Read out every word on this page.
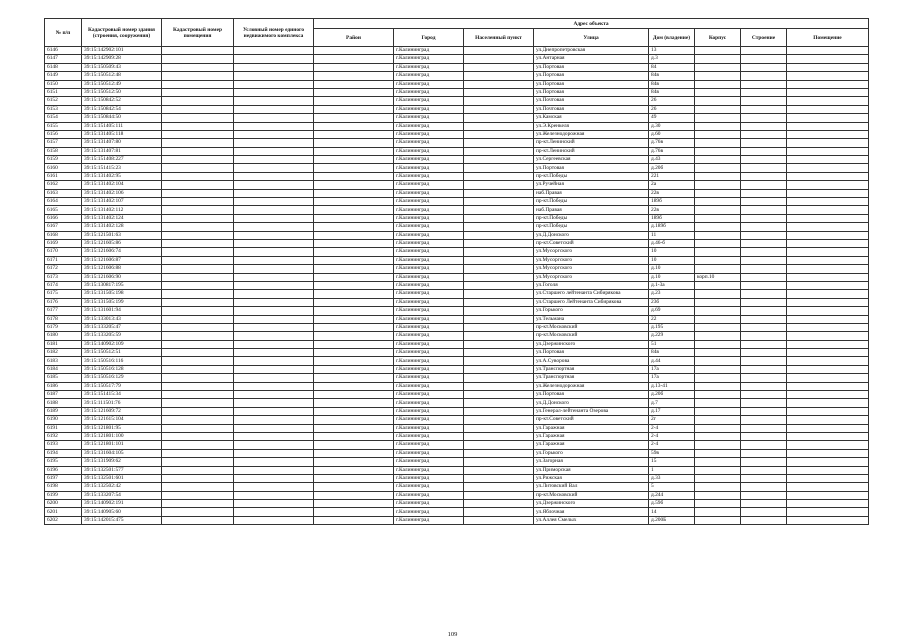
№ п/п	Кадастровый номер здания (строения, сооружения)	Кадастровый номер помещения	Условный номер единого недвижимого комплекса	Адрес объекта							
				Район	Город	Населенный пункт	Улица	Дом (владение)	Корпус	Строение	Помещение
6146	39:15:142902:101				г.Калининград		ул.Днепропетровская	13			
6147	39:15:142909:28				г.Калининград		ул.Антарная	д.3			
6148	39:15:150509:43				г.Калининград		ул.Портовая	84			
6149	39:15:150512:48				г.Калининград		ул.Портовая	84в			
6150	39:15:150512:49				г.Калининград		ул.Портовая	84в			
6151	39:15:150512:50				г.Калининград		ул.Портовая	84в			
6152	39:15:150842:52				г.Калининград		ул.Почтовая	26			
6153	39:15:150842:54				г.Калининград		ул.Почтовая	26			
6154	39:15:150844:50				г.Калининград		ул.Камская	49			
6155	39:15:151405:111				г.Калининград		ул.Э.Кренкеля	д.30			
6156	39:15:131405:118				г.Калининград		ул.Железнодорожная	д.60			
6157	39:15:131407:80				г.Калининград		пр-кт.Ленинский	д.76в			
6158	39:15:131407:81				г.Калининград		пр-кт.Ленинский	д.76в			
6159	39:15:151408:227				г.Калининград		ул.Сергеевская	д.43			
6160	39:15:151415:23				г.Калининград		ул.Портовая	д.20б			
6161	39:15:131402:95				г.Калининград		пр-кт.Победы	221			
6162	39:15:131402:104				г.Калининград		ул.Ручейная	2а			
6163	39:15:131402:106				г.Калининград		наб.Правая	22в			
6164	39:15:131402:107				г.Калининград		пр-кт.Победы	189б			
6165	39:15:131402:112				г.Калининград		наб.Правая	22в			
6166	39:15:131402:124				г.Калининград		пр-кт.Победы	189б			
6167	39:15:131402:128				г.Калининград		пр-кт.Победы	д.189б			
6168	39:15:121501:63				г.Калининград		ул.Д.Донского	11			
6169	39:15:121605:86				г.Калининград		пр-кт.Советский	д.46-б			
6170	39:15:121606:74				г.Калининград		ул.Мусоргского	10			
6171	39:15:121606:87				г.Калининград		ул.Мусоргского	10			
6172	39:15:121606:88				г.Калининград		ул.Мусоргского	д.10			
6173	39:15:121606:90				г.Калининград		ул.Мусоргского	д.10	корп.10		
6174	39:15:130817:195				г.Калининград		ул.Гоголя	д.1-3а			
6175	39:15:131505:198				г.Калининград		ул.Старшего лейтенанта Сибиряковa	д.23			
6176	39:15:131505:199				г.Калининград		ул.Старшего Лейтенанта Сибирякова	23б			
6177	39:15:131601:94				г.Калининград		ул.Горького	д.69			
6178	39:15:133013:43				г.Калининград		ул.Тельмана	22			
6179	39:15:133205:47				г.Калининград		пр-кт.Московский	д.195			
6180	39:15:133205:59				г.Калининград		пр-кт.Московский	д.229			
6181	39:15:140902:109				г.Калининград		ул.Дзержинского	51			
6182	39:15:150512:51				г.Калининград		ул.Портовая	84в			
6183	39:15:150516:116				г.Калининград		ул.А.Суворова	д.44			
6184	39:15:150516:128				г.Калининград		ул.Транспортная	17а			
6185	39:15:150516:129				г.Калининград		ул.Транспортная	17а			
6186	39:15:150517:79				г.Калининград		ул.Железнодорожная	д.13-41			
6187	39:15:151415:34				г.Калининград		ул.Портовая	д.20б			
6188	39:15:111501:76				г.Калининград		ул.Д.Донского	д.7			
6189	39:15:121609:72				г.Калининград		ул.Генерал-лейтенанта Озерова	д.17			
6190	39:15:121615:104				г.Калининград		пр-кт.Советский	2г			
6191	39:15:121801:95				г.Калининград		ул.Гаражная	2-4			
6192	39:15:121801:100				г.Калининград		ул.Гаражная	2-4			
6193	39:15:121801:101				г.Калининград		ул.Гаражная	2-4			
6194	39:15:131604:105				г.Калининград		ул.Горького	59в			
6195	39:15:131909:62				г.Калининград		ул.Загорная	15			
6196	39:15:132501:577				г.Калининград		ул.Приморская	1			
6197	39:15:132501:601				г.Калининград		ул.Рижская	д.33			
6198	39:15:132502:42				г.Калининград		ул.Литовский Вал	5			
6199	39:15:133207:54				г.Калининград		пр-кт.Московский	д.244			
6200	39:15:140902:191				г.Калининград		ул.Дзержинского	д.59б			
6201	39:15:140905:60				г.Калининград		ул.Яблочная	14			
6202	39:15:142015:475				г.Калининград		ул.Аллея Смелых	д.200Б			
109
